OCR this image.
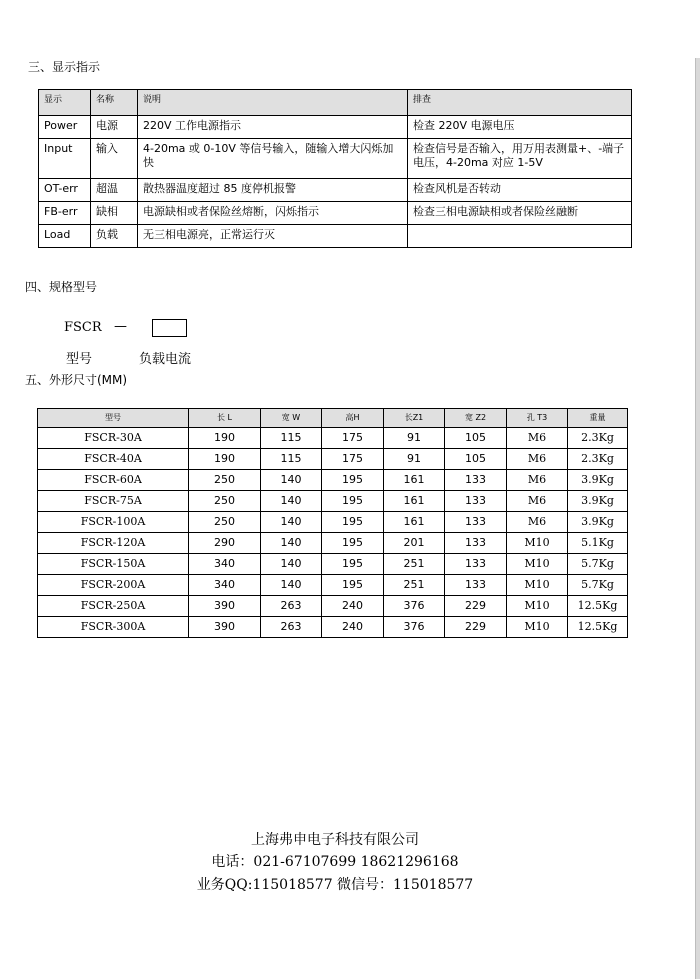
三、显示指示
显示	名称	说明	排查
Power	电源	220V 工作电源指示	检查 220V 电源电压
Input	输入	4-20ma 或 0-10V 等信号输入，随输入增大闪烁加快	检查信号是否输入，用万用表测量+、-端子电压，4-20ma 对应 1-5V
OT-err	超温	散热器温度超过 85 度停机报警	检查风机是否转动
FB-err	缺相	电源缺相或者保险丝熔断，闪烁指示	检查三相电源缺相或者保险丝融断
Load	负载	无三相电源亮，正常运行灭	
四、规格型号
FSCR —
型号	负载电流
五、外形尺寸(MM)
型号	长 L	宽 W	高H	长Z1	宽 Z2	孔 T3	重量
FSCR-30A	190	115	175	91	105	M6	2.3Kg
FSCR-40A	190	115	175	91	105	M6	2.3Kg
FSCR-60A	250	140	195	161	133	M6	3.9Kg
FSCR-75A	250	140	195	161	133	M6	3.9Kg
FSCR-100A	250	140	195	161	133	M6	3.9Kg
FSCR-120A	290	140	195	201	133	M10	5.1Kg
FSCR-150A	340	140	195	251	133	M10	5.7Kg
FSCR-200A	340	140	195	251	133	M10	5.7Kg
FSCR-250A	390	263	240	376	229	M10	12.5Kg
FSCR-300A	390	263	240	376	229	M10	12.5Kg
上海弗申电子科技有限公司
电话：021-67107699 18621296168
业务QQ:115018577 微信号：115018577
